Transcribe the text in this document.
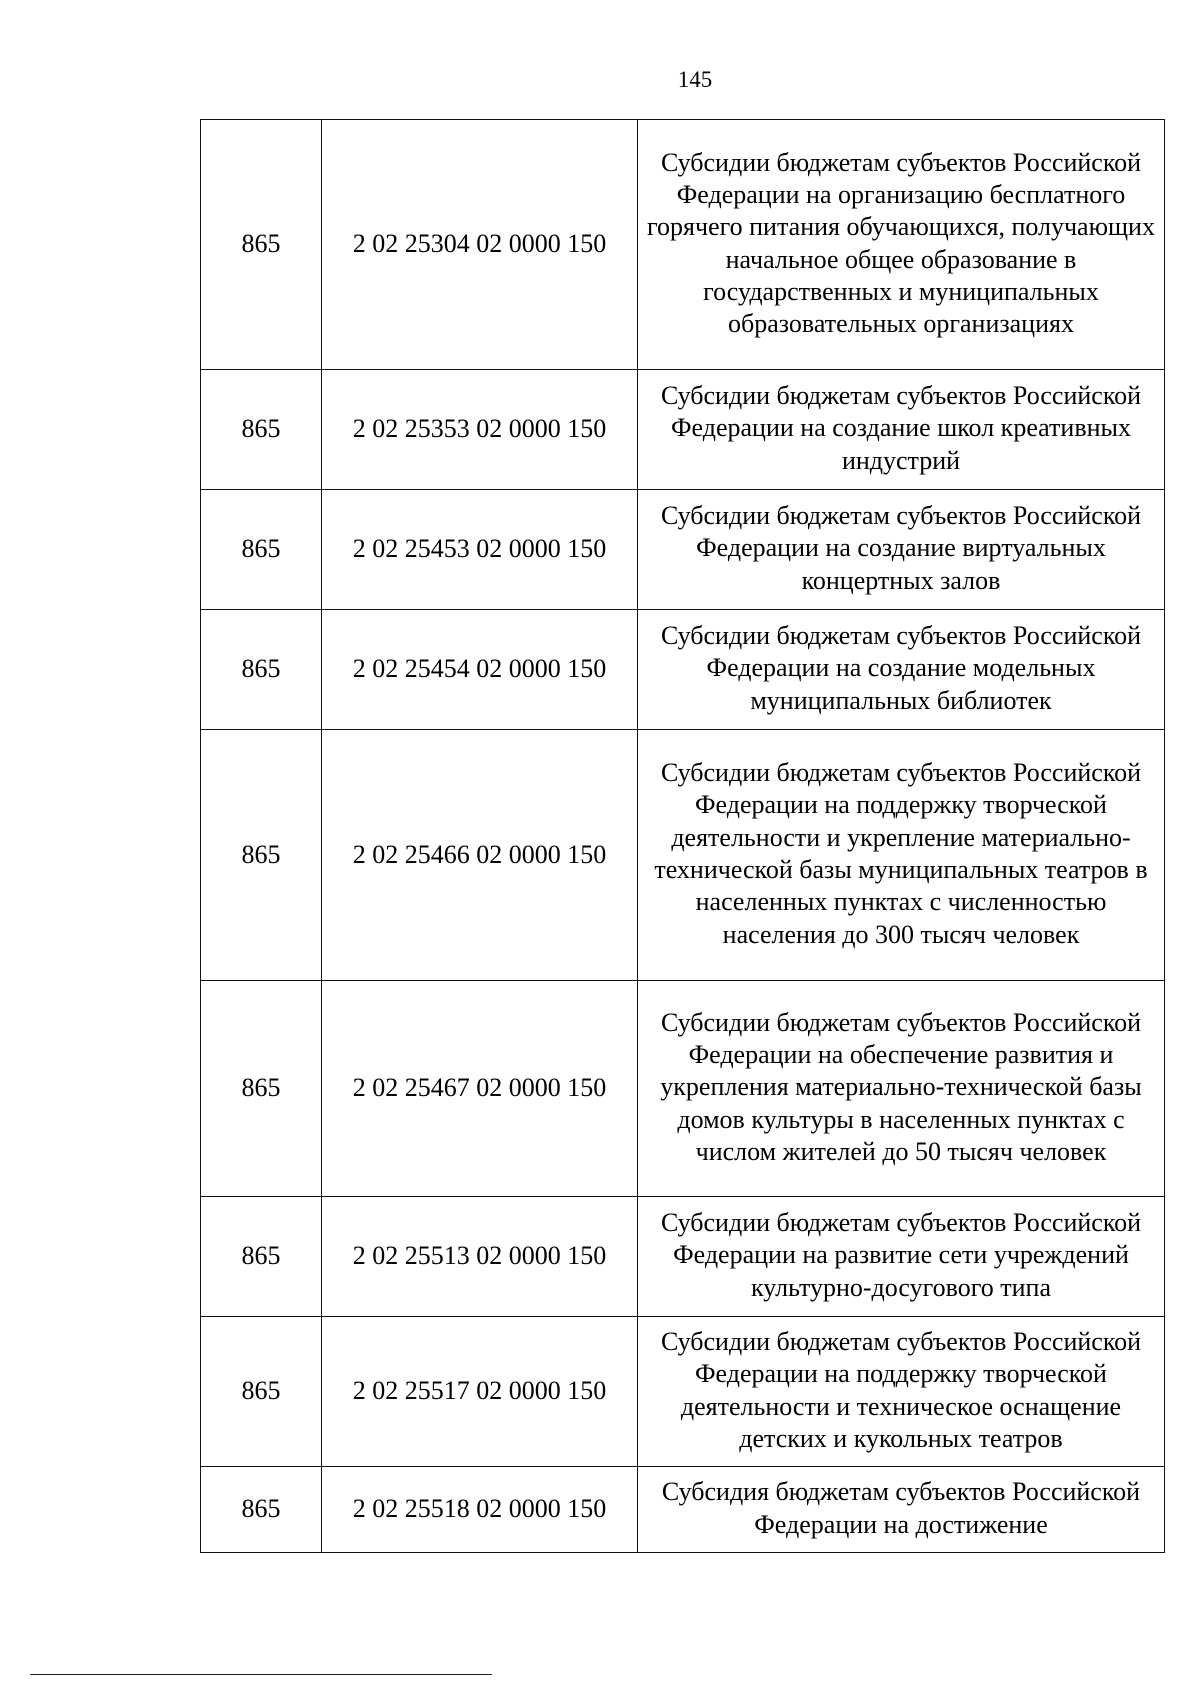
145
865	2 02 25304 02 0000 150	Субсидии бюджетам субъектов Российской Федерации на организацию бесплатного горячего питания обучающихся, получающих начальное общее образование в государственных и муниципальных образовательных организациях
865	2 02 25353 02 0000 150	Субсидии бюджетам субъектов Российской Федерации на создание школ креативных индустрий
865	2 02 25453 02 0000 150	Субсидии бюджетам субъектов Российской Федерации на создание виртуальных концертных залов
865	2 02 25454 02 0000 150	Субсидии бюджетам субъектов Российской Федерации на создание модельных муниципальных библиотек
865	2 02 25466 02 0000 150	Субсидии бюджетам субъектов Российской Федерации на поддержку творческой деятельности и укрепление материально-технической базы муниципальных театров в населенных пунктах с численностью населения до 300 тысяч человек
865	2 02 25467 02 0000 150	Субсидии бюджетам субъектов Российской Федерации на обеспечение развития и укрепления материально-технической базы домов культуры в населенных пунктах с числом жителей до 50 тысяч человек
865	2 02 25513 02 0000 150	Субсидии бюджетам субъектов Российской Федерации на развитие сети учреждений культурно-досугового типа
865	2 02 25517 02 0000 150	Субсидии бюджетам субъектов Российской Федерации на поддержку творческой деятельности и техническое оснащение детских и кукольных театров
865	2 02 25518 02 0000 150	Субсидия бюджетам субъектов Российской Федерации на достижение
